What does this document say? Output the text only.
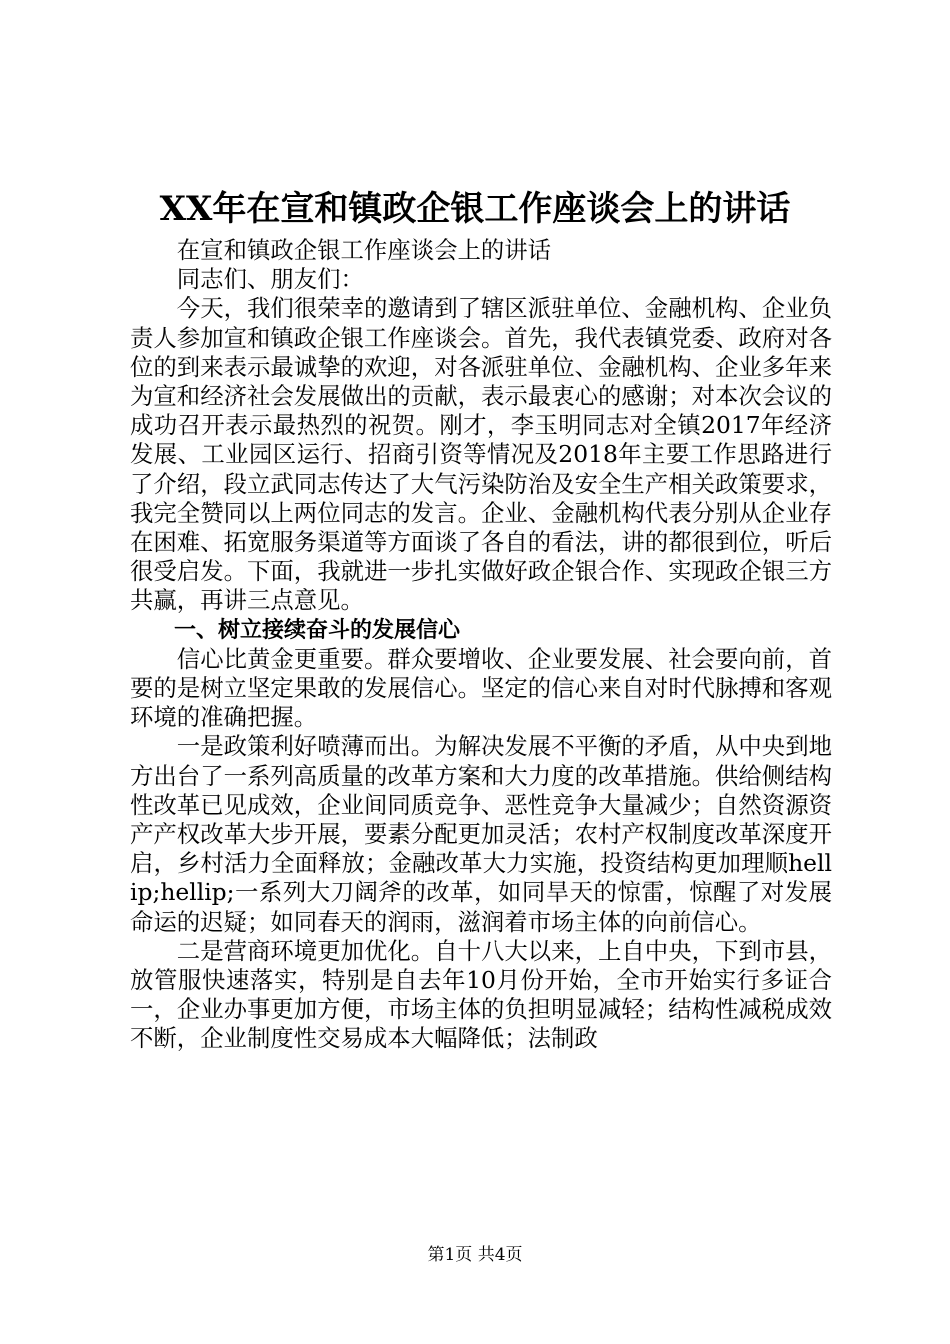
XX年在宣和镇政企银工作座谈会上的讲话

在宣和镇政企银工作座谈会上的讲话

同志们、朋友们：

今天，我们很荣幸的邀请到了辖区派驻单位、金融机构、企业负责人参加宣和镇政企银工作座谈会。首先，我代表镇党委、政府对各位的到来表示最诚挚的欢迎，对各派驻单位、金融机构、企业多年来为宣和经济社会发展做出的贡献，表示最衷心的感谢；对本次会议的成功召开表示最热烈的祝贺。刚才，李玉明同志对全镇2017年经济发展、工业园区运行、招商引资等情况及2018年主要工作思路进行了介绍，段立武同志传达了大气污染防治及安全生产相关政策要求，我完全赞同以上两位同志的发言。企业、金融机构代表分别从企业存在困难、拓宽服务渠道等方面谈了各自的看法，讲的都很到位，听后很受启发。下面，我就进一步扎实做好政企银合作、实现政企银三方共赢，再讲三点意见。

一、树立接续奋斗的发展信心

信心比黄金更重要。群众要增收、企业要发展、社会要向前，首要的是树立坚定果敢的发展信心。坚定的信心来自对时代脉搏和客观环境的准确把握。

一是政策利好喷薄而出。为解决发展不平衡的矛盾，从中央到地方出台了一系列高质量的改革方案和大力度的改革措施。供给侧结构性改革已见成效，企业间同质竞争、恶性竞争大量减少；自然资源资产产权改革大步开展，要素分配更加灵活；农村产权制度改革深度开启，乡村活力全面释放；金融改革大力实施，投资结构更加理顺hellip;hellip;一系列大刀阔斧的改革，如同旱天的惊雷，惊醒了对发展命运的迟疑；如同春天的润雨，滋润着市场主体的向前信心。

二是营商环境更加优化。自十八大以来，上自中央，下到市县，放管服快速落实，特别是自去年10月份开始，全市开始实行多证合一，企业办事更加方便，市场主体的负担明显减轻；结构性减税成效不断，企业制度性交易成本大幅降低；法制政

第1页 共4页
